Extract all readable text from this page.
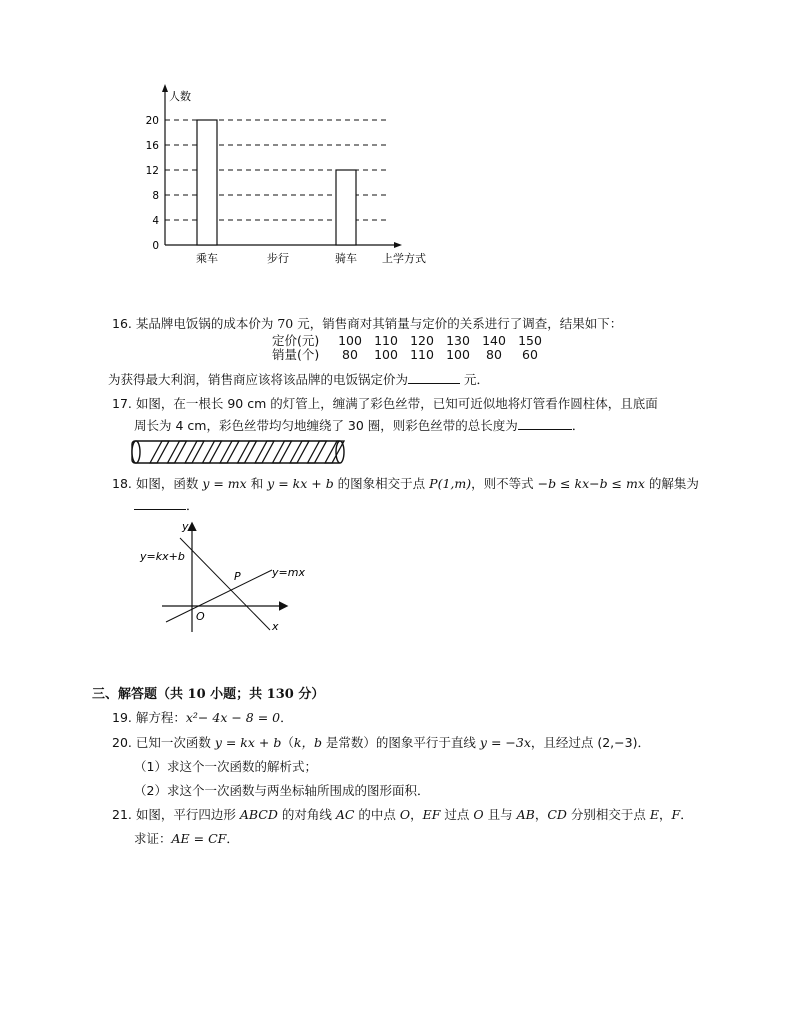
0
4
8
12
16
20
人数
上学方式
乘车	步行	骑车
16. 某品牌电饭锅的成本价为 70 元，销售商对其销量与定价的关系进行了调查，结果如下：
定价(元)	100 110 120 130 140 150
销量(个)	80	100 110 100	80	60
为获得最大利润，销售商应该将该品牌的电饭锅定价为	元．
17. 如图，在一根长 90 cm 的灯管上，缠满了彩色丝带，已知可近似地将灯管看作圆柱体，且底面
周长为 4 cm，彩色丝带均匀地缠绕了 30 圈，则彩色丝带的总长度为	．
18. 如图，函数 y = mx 和 y = kx + b 的图象相交于点 P(1,m)，则不等式 −b ≤ kx−b ≤ mx 的解集为
．
y
x
O
P
y=kx+b
y=mx
三、解答题（共 10 小题；共 130 分）
19. 解方程：x²− 4x − 8 = 0．
20. 已知一次函数 y = kx + b（k，b 是常数）的图象平行于直线 y = −3x，且经过点 (2,−3)．
（1）求这个一次函数的解析式；
（2）求这个一次函数与两坐标轴所围成的图形面积．
21. 如图，平行四边形 ABCD 的对角线 AC 的中点 O，EF 过点 O 且与 AB，CD 分别相交于点 E，F．
求证：AE = CF．
